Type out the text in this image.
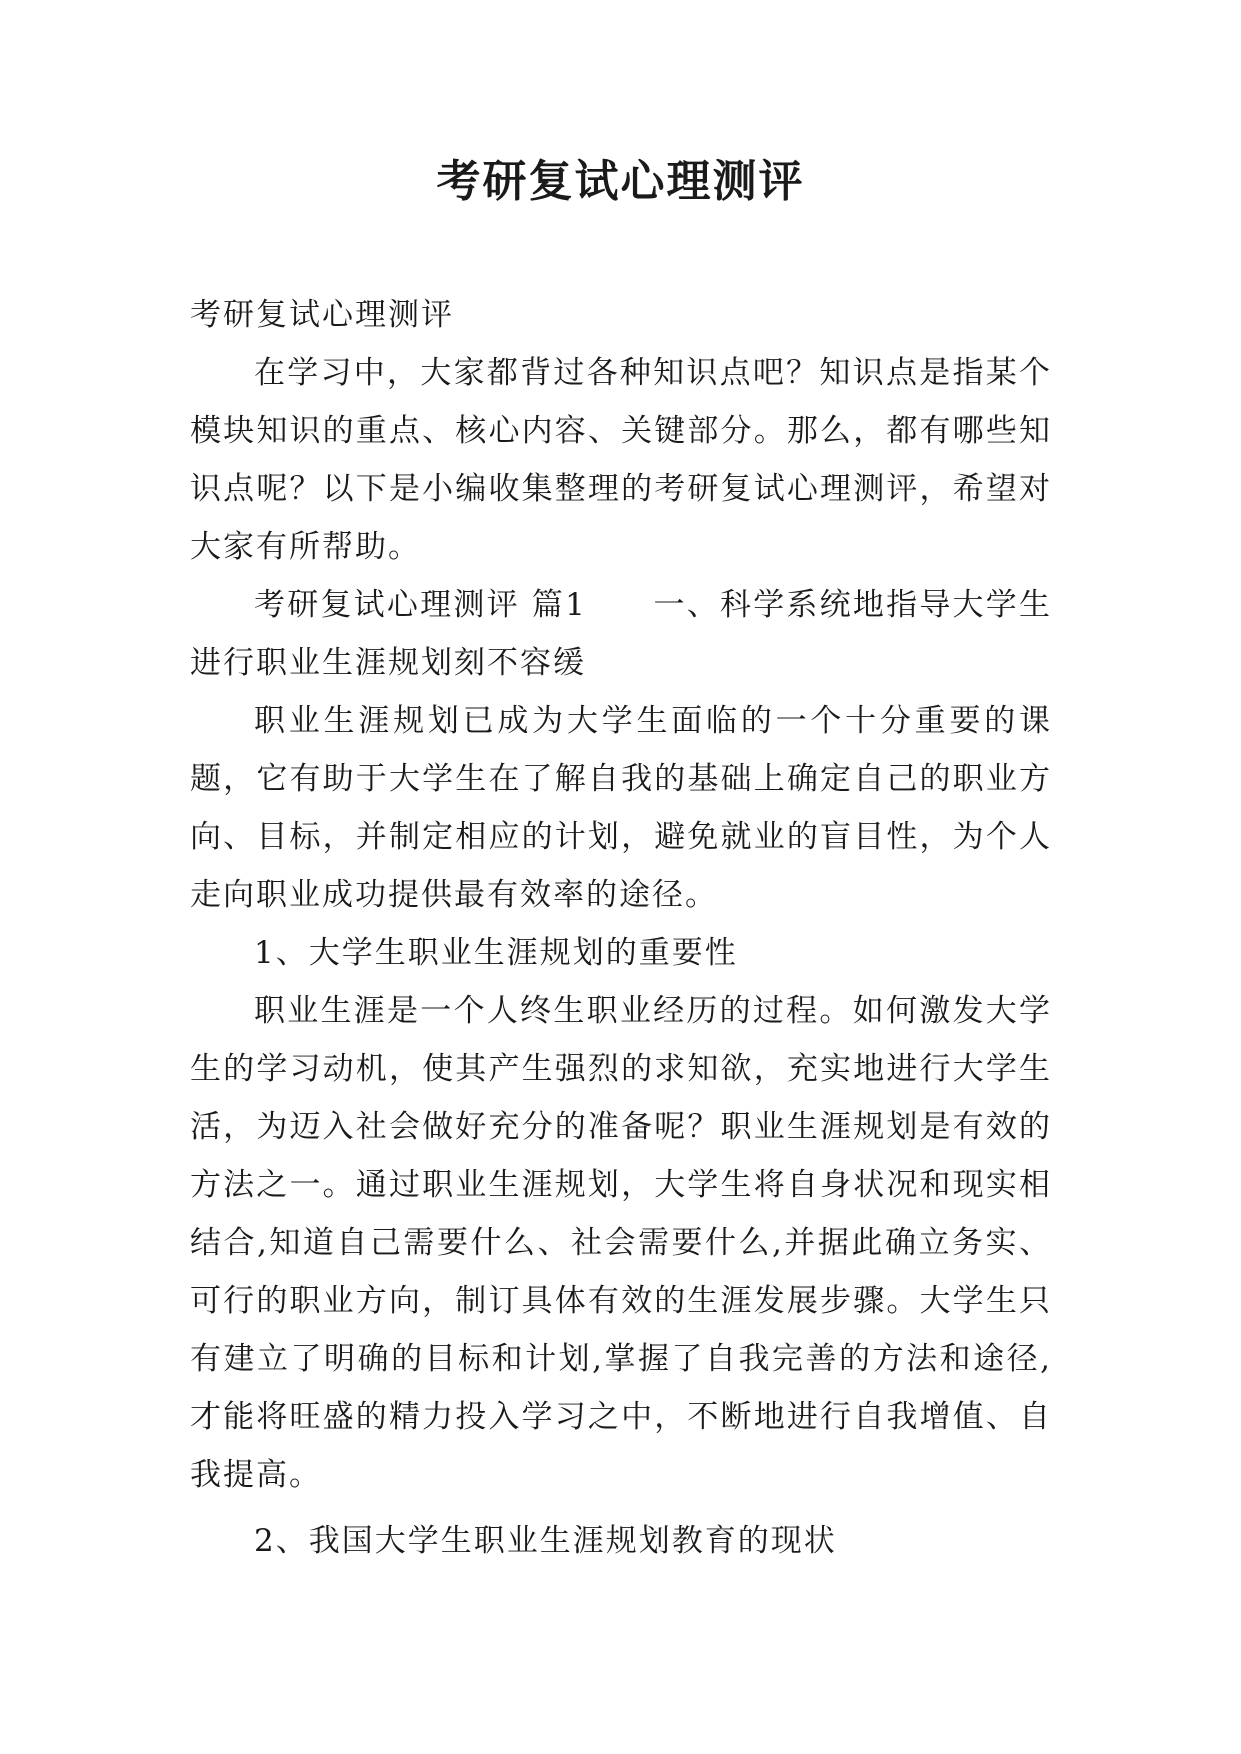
考研复试心理测评

考研复试心理测评

在学习中，大家都背过各种知识点吧？知识点是指某个模块知识的重点、核心内容、关键部分。那么，都有哪些知识点呢？以下是小编收集整理的考研复试心理测评，希望对大家有所帮助。

考研复试心理测评 篇1　　一、科学系统地指导大学生进行职业生涯规划刻不容缓

职业生涯规划已成为大学生面临的一个十分重要的课题，它有助于大学生在了解自我的基础上确定自己的职业方向、目标，并制定相应的计划，避免就业的盲目性，为个人走向职业成功提供最有效率的途径。

1、大学生职业生涯规划的重要性

职业生涯是一个人终生职业经历的过程。如何激发大学生的学习动机，使其产生强烈的求知欲，充实地进行大学生活，为迈入社会做好充分的准备呢？职业生涯规划是有效的方法之一。通过职业生涯规划，大学生将自身状况和现实相结合,知道自己需要什么、社会需要什么,并据此确立务实、可行的职业方向，制订具体有效的生涯发展步骤。大学生只有建立了明确的目标和计划,掌握了自我完善的方法和途径,才能将旺盛的精力投入学习之中，不断地进行自我增值、自我提高。

2、我国大学生职业生涯规划教育的现状
